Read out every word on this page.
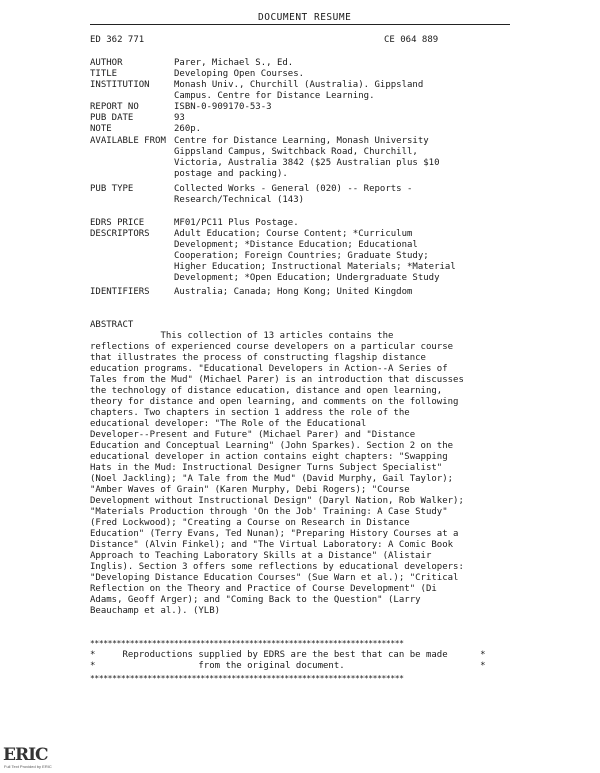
DOCUMENT RESUME
ED 362 771	CE 064 889
AUTHOR	Parer, Michael S., Ed.
TITLE	Developing Open Courses.
INSTITUTION	Monash Univ., Churchill (Australia). Gippsland
Campus. Centre for Distance Learning.
REPORT NO	ISBN-0-909170-53-3
PUB DATE	93
NOTE	260p.
AVAILABLE FROM Centre for Distance Learning, Monash University
Gippsland Campus, Switchback Road, Churchill,
Victoria, Australia 3842 ($25 Australian plus $10
postage and packing).
PUB TYPE	Collected Works - General (020) -- Reports -
Research/Technical (143)
EDRS PRICE	MF01/PC11 Plus Postage.
DESCRIPTORS	Adult Education; Course Content; *Curriculum
Development; *Distance Education; Educational
Cooperation; Foreign Countries; Graduate Study;
Higher Education; Instructional Materials; *Material
Development; *Open Education; Undergraduate Study
IDENTIFIERS	Australia; Canada; Hong Kong; United Kingdom
ABSTRACT
This collection of 13 articles contains the
reflections of experienced course developers on a particular course
that illustrates the process of constructing flagship distance
education programs. "Educational Developers in Action--A Series of
Tales from the Mud" (Michael Parer) is an introduction that discusses
the technology of distance education, distance and open learning,
theory for distance and open learning, and comments on the following
chapters. Two chapters in section 1 address the role of the
educational developer: "The Role of the Educational
Developer--Present and Future" (Michael Parer) and "Distance
Education and Conceptual Learning" (John Sparkes). Section 2 on the
educational developer in action contains eight chapters: "Swapping
Hats in the Mud: Instructional Designer Turns Subject Specialist"
(Noel Jackling); "A Tale from the Mud" (David Murphy, Gail Taylor);
"Amber Waves of Grain" (Karen Murphy, Debi Rogers); "Course
Development without Instructional Design" (Daryl Nation, Rob Walker);
"Materials Production through 'On the Job' Training: A Case Study"
(Fred Lockwood); "Creating a Course on Research in Distance
Education" (Terry Evans, Ted Nunan); "Preparing History Courses at a
Distance" (Alvin Finkel); and "The Virtual Laboratory: A Comic Book
Approach to Teaching Laboratory Skills at a Distance" (Alistair
Inglis). Section 3 offers some reflections by educational developers:
"Developing Distance Education Courses" (Sue Warn et al.); "Critical
Reflection on the Theory and Practice of Course Development" (Di
Adams, Geoff Arger); and "Coming Back to the Question" (Larry
Beauchamp et al.). (YLB)
***********************************************************************
*     Reproductions supplied by EDRS are the best that can be made      *
*                   from the original document.                         *
***********************************************************************
ERIC
Full Text Provided by ERIC
